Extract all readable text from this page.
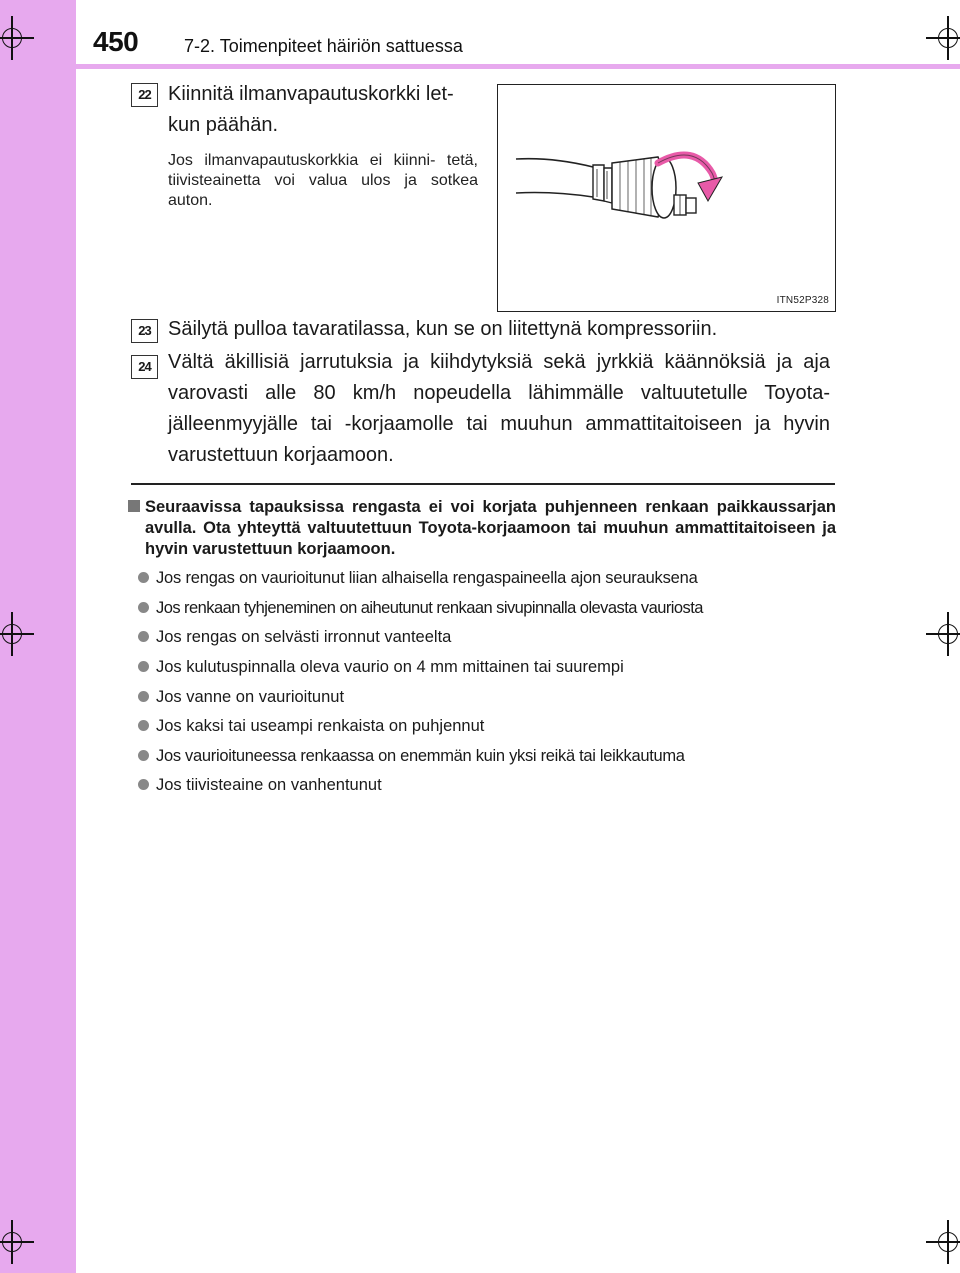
450	7-2. Toimenpiteet häiriön sattuessa
22 Kiinnitä ilmanvapautuskorkki let-
kun päähän.
Jos ilmanvapautuskorkkia ei kiinni- tetä, tiivisteainetta voi valua ulos ja sotkea auton.
ITN52P328
23 Säilytä pulloa tavaratilassa, kun se on liitettynä kompressoriin.
24 Vältä äkillisiä jarrutuksia ja kiihdytyksiä sekä jyrkkiä käännöksiä ja aja varovasti alle 80 km/h nopeudella lähimmälle valtuutetulle Toyota-jälleenmyyjälle tai -korjaamolle tai muuhun ammattitaitoiseen ja hyvin varustettuun korjaamoon.
Seuraavissa tapauksissa rengasta ei voi korjata puhjenneen renkaan paikkaussarjan avulla. Ota yhteyttä valtuutettuun Toyota-korjaamoon tai muuhun ammattitaitoiseen ja hyvin varustettuun korjaamoon.
Jos rengas on vaurioitunut liian alhaisella rengaspaineella ajon seurauksena
Jos renkaan tyhjeneminen on aiheutunut renkaan sivupinnalla olevasta vauriosta
Jos rengas on selvästi irronnut vanteelta
Jos kulutuspinnalla oleva vaurio on 4 mm mittainen tai suurempi
Jos vanne on vaurioitunut
Jos kaksi tai useampi renkaista on puhjennut
Jos vaurioituneessa renkaassa on enemmän kuin yksi reikä tai leikkautuma
Jos tiivisteaine on vanhentunut
